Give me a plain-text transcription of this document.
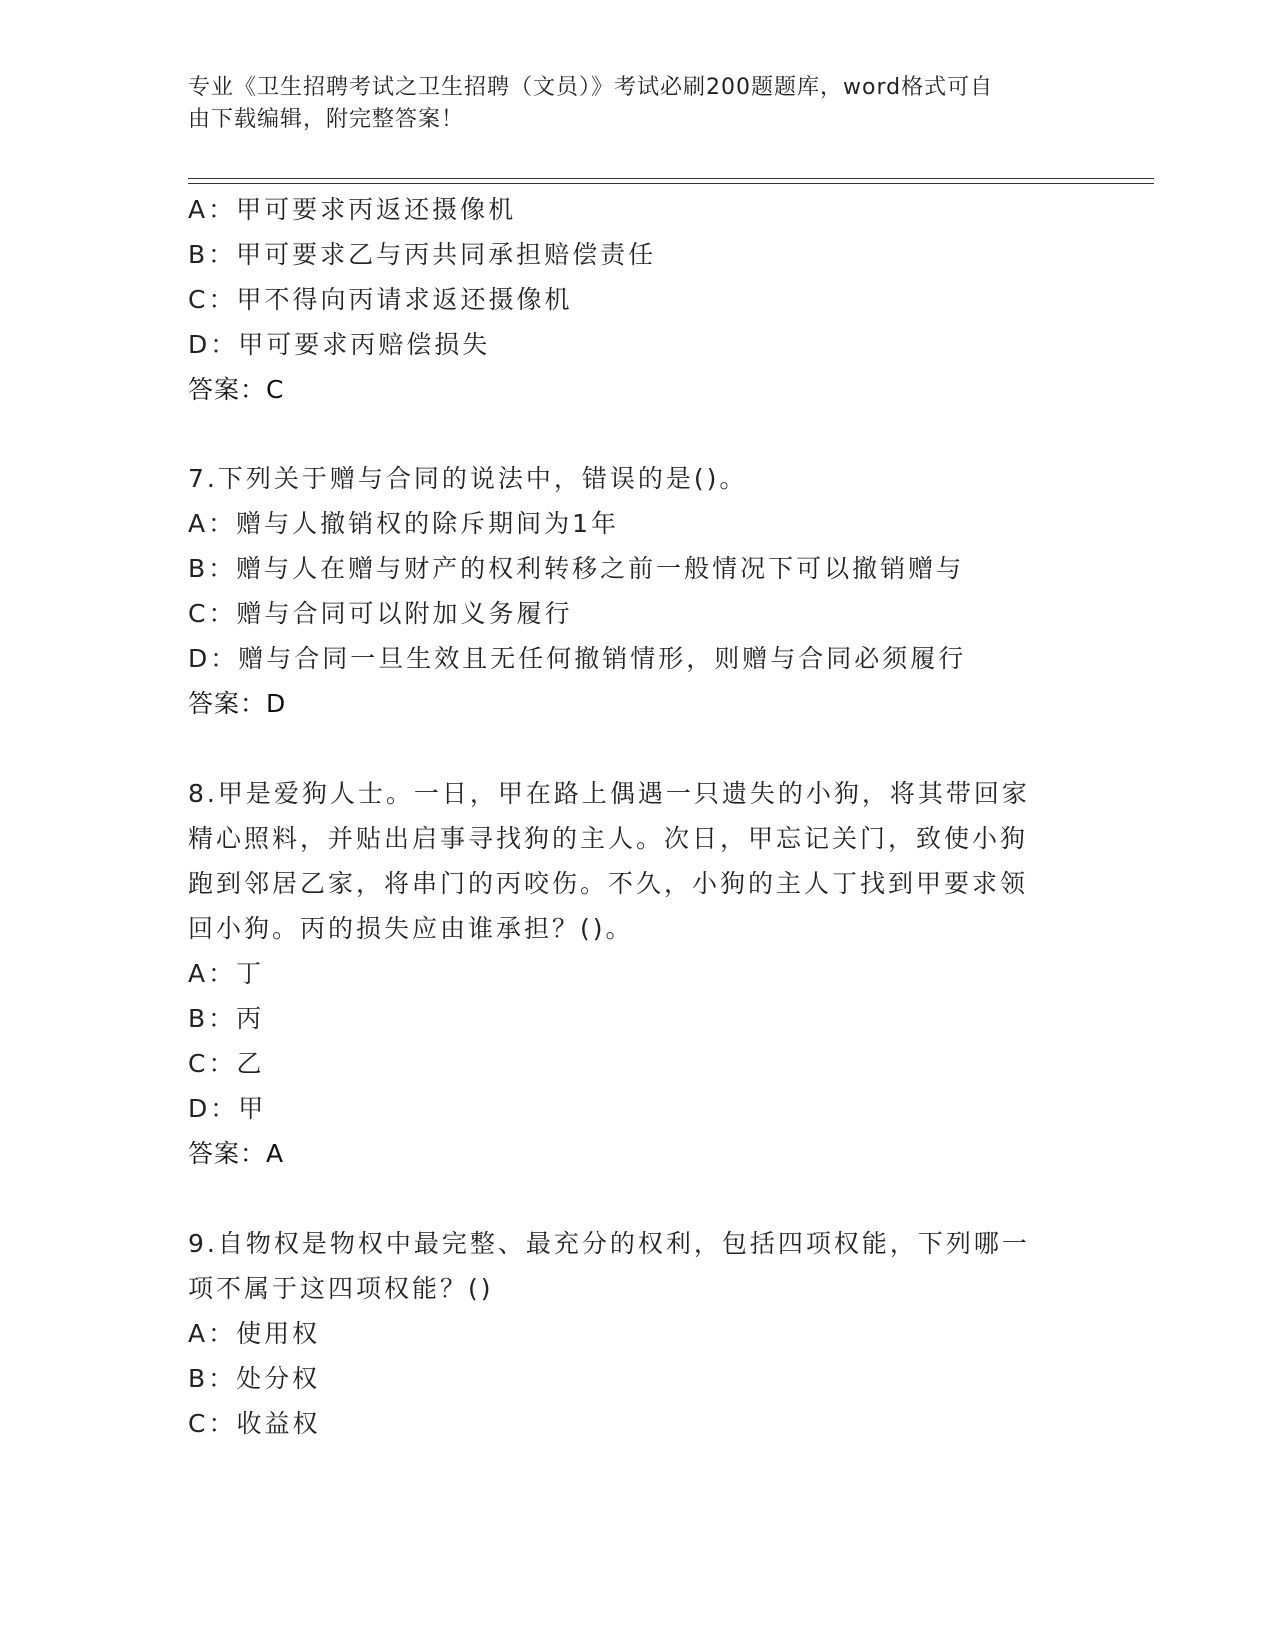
专业《卫生招聘考试之卫生招聘（文员）》考试必刷200题题库，word格式可自
由下载编辑，附完整答案！
A：甲可要求丙返还摄像机
B：甲可要求乙与丙共同承担赔偿责任
C：甲不得向丙请求返还摄像机
D：甲可要求丙赔偿损失
答案：C
7.下列关于赠与合同的说法中，错误的是()。
A：赠与人撤销权的除斥期间为1年
B：赠与人在赠与财产的权利转移之前一般情况下可以撤销赠与
C：赠与合同可以附加义务履行
D：赠与合同一旦生效且无任何撤销情形，则赠与合同必须履行
答案：D
8.甲是爱狗人士。一日，甲在路上偶遇一只遗失的小狗，将其带回家
精心照料，并贴出启事寻找狗的主人。次日，甲忘记关门，致使小狗
跑到邻居乙家，将串门的丙咬伤。不久，小狗的主人丁找到甲要求领
回小狗。丙的损失应由谁承担？()。
A：丁
B：丙
C：乙
D：甲
答案：A
9.自物权是物权中最完整、最充分的权利，包括四项权能，下列哪一
项不属于这四项权能？()
A：使用权
B：处分权
C：收益权
